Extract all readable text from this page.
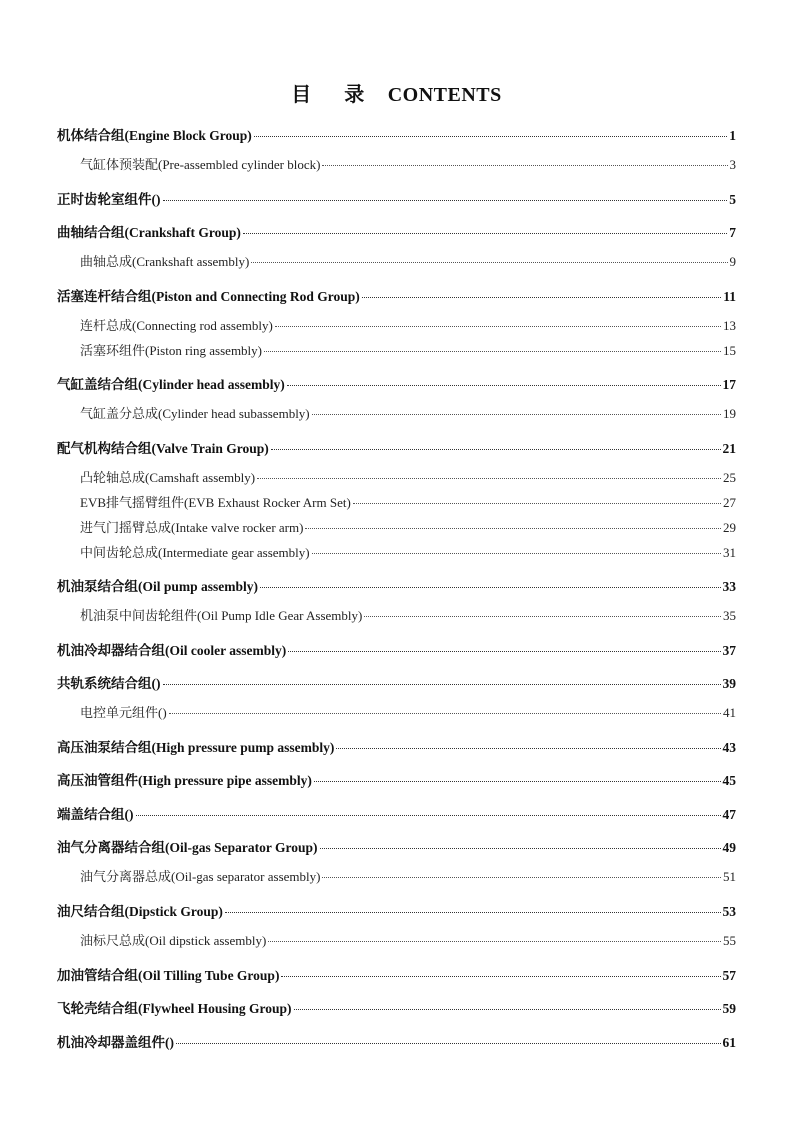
目 录 CONTENTS
机体结合组(Engine Block Group)	1
气缸体预装配(Pre-assembled cylinder block)	3
正时齿轮室组件()	5
曲轴结合组(Crankshaft Group)	7
曲轴总成(Crankshaft assembly)	9
活塞连杆结合组(Piston and Connecting Rod Group)	11
连杆总成(Connecting rod assembly)	13
活塞环组件(Piston ring assembly)	15
气缸盖结合组(Cylinder head assembly)	17
气缸盖分总成(Cylinder head subassembly)	19
配气机构结合组(Valve Train Group)	21
凸轮轴总成(Camshaft assembly)	25
EVB排气摇臂组件(EVB Exhaust Rocker Arm Set)	27
进气门摇臂总成(Intake valve rocker arm)	29
中间齿轮总成(Intermediate gear assembly)	31
机油泵结合组(Oil pump assembly)	33
机油泵中间齿轮组件(Oil Pump Idle Gear Assembly)	35
机油冷却器结合组(Oil cooler assembly)	37
共轨系统结合组()	39
电控单元组件()	41
高压油泵结合组(High pressure pump assembly)	43
高压油管组件(High pressure pipe assembly)	45
端盖结合组()	47
油气分离器结合组(Oil-gas Separator Group)	49
油气分离器总成(Oil-gas separator assembly)	51
油尺结合组(Dipstick Group)	53
油标尺总成(Oil dipstick assembly)	55
加油管结合组(Oil Tilling Tube Group)	57
飞轮壳结合组(Flywheel Housing Group)	59
机油冷却器盖组件()	61
